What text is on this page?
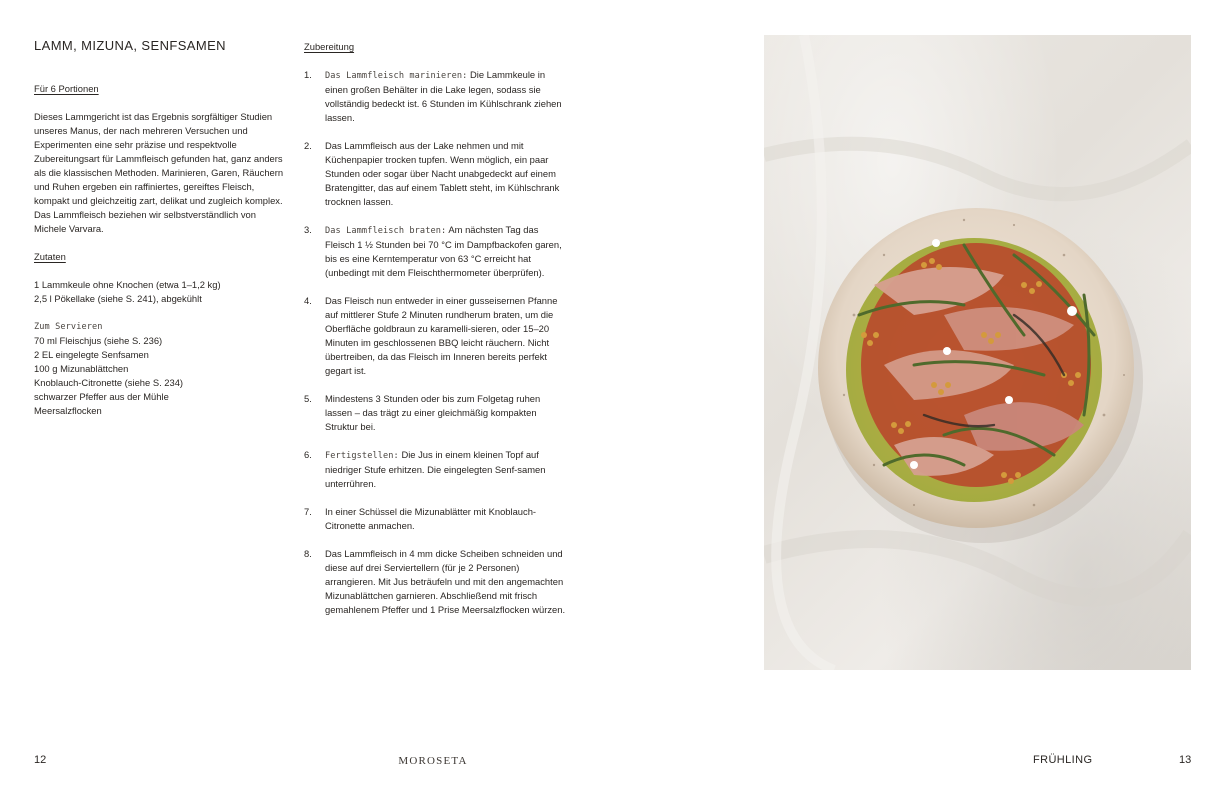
LAMM, MIZUNA, SENFSAMEN

Für 6 Portionen

Dieses Lammgericht ist das Ergebnis sorgfältiger Studien unseres Manus, der nach mehreren Versuchen und Experimenten eine sehr präzise und respektvolle Zubereitungsart für Lammfleisch gefunden hat, ganz anders als die klassischen Methoden. Marinieren, Garen, Räuchern und Ruhen ergeben ein raffiniertes, gereiftes Fleisch, kompakt und gleichzeitig zart, delikat und zugleich komplex. Das Lammfleisch beziehen wir selbstverständlich von Michele Varvara.

Zutaten

1 Lammkeule ohne Knochen (etwa 1–1,2 kg)
2,5 l Pökellake (siehe S. 241), abgekühlt

Zum Servieren

70 ml Fleischjus (siehe S. 236)
2 EL eingelegte Senfsamen
100 g Mizunablättchen
Knoblauch-Citronette (siehe S. 234)
schwarzer Pfeffer aus der Mühle
Meersalzflocken

Zubereitung

1. Das Lammfleisch marinieren: Die Lammkeule in einen großen Behälter in die Lake legen, sodass sie vollständig bedeckt ist. 6 Stunden im Kühlschrank ziehen lassen.
2. Das Lammfleisch aus der Lake nehmen und mit Küchenpapier trocken tupfen. Wenn möglich, ein paar Stunden oder sogar über Nacht unabgedeckt auf einem Bratengitter, das auf einem Tablett steht, im Kühlschrank trocknen lassen.
3. Das Lammfleisch braten: Am nächsten Tag das Fleisch 1 ½ Stunden bei 70 °C im Dampfbackofen garen, bis es eine Kerntemperatur von 63 °C erreicht hat (unbedingt mit dem Fleischthermometer überprüfen).
4. Das Fleisch nun entweder in einer gusseisernen Pfanne auf mittlerer Stufe 2 Minuten rundherum braten, um die Oberfläche goldbraun zu karamelli-sieren, oder 15–20 Minuten im geschlossenen BBQ leicht räuchern. Nicht übertreiben, da das Fleisch im Inneren bereits perfekt gegart ist.
5. Mindestens 3 Stunden oder bis zum Folgetag ruhen lassen – das trägt zu einer gleichmäßig kompakten Struktur bei.
6. Fertigstellen: Die Jus in einem kleinen Topf auf niedriger Stufe erhitzen. Die eingelegten Senf-samen unterrühren.
7. In einer Schüssel die Mizunablätter mit Knoblauch-Citronette anmachen.
8. Das Lammfleisch in 4 mm dicke Scheiben schneiden und diese auf drei Serviertellern (für je 2 Personen) arrangieren. Mit Jus beträufeln und mit den angemachten Mizunablättchen garnieren. Abschließend mit frisch gemahlenem Pfeffer und 1 Prise Meersalzflocken würzen.
12	MOROSETA	FRÜHLING	13
